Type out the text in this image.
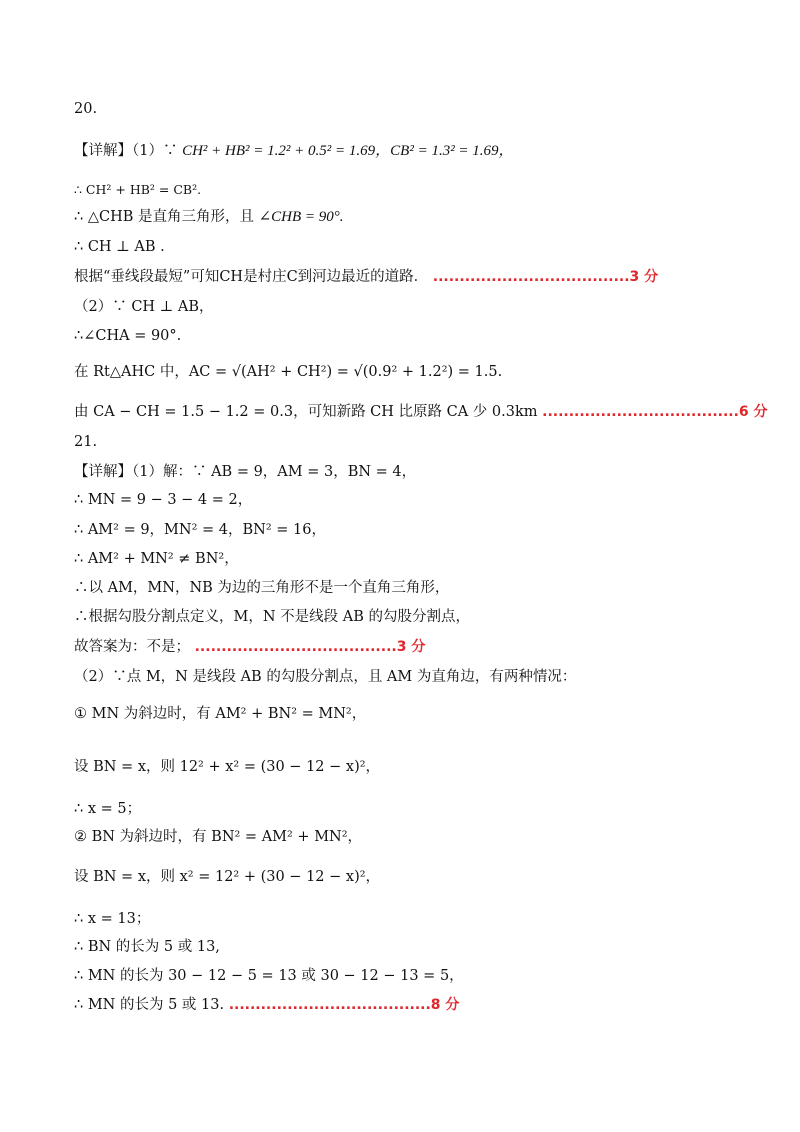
20.
【详解】（1）∵ CH² + HB² = 1.2² + 0.5² = 1.69，CB² = 1.3² = 1.69，
∴ CH² + HB² = CB².
∴ △CHB 是直角三角形，且 ∠CHB = 90°.
∴ CH ⊥ AB .
根据“垂线段最短”可知CH是村庄C到河边最近的道路． .....................................3 分
（2）∵ CH ⊥ AB，
∴∠CHA = 90°.
在 Rt△AHC 中，AC = √(AH² + CH²) = √(0.9² + 1.2²) = 1.5.
由 CA − CH = 1.5 − 1.2 = 0.3，可知新路 CH 比原路 CA 少 0.3km .....................................6 分
21.
【详解】（1）解：∵ AB = 9，AM = 3，BN = 4，
∴ MN = 9 − 3 − 4 = 2，
∴ AM² = 9，MN² = 4，BN² = 16，
∴ AM² + MN² ≠ BN²，
∴以 AM，MN，NB 为边的三角形不是一个直角三角形，
∴根据勾股分割点定义，M，N 不是线段 AB 的勾股分割点，
故答案为：不是； ......................................3 分
（2）∵点 M，N 是线段 AB 的勾股分割点，且 AM 为直角边，有两种情况：
① MN 为斜边时，有 AM² + BN² = MN²，
设 BN = x，则 12² + x² = (30 − 12 − x)²，
∴ x = 5；
② BN 为斜边时，有 BN² = AM² + MN²，
设 BN = x，则 x² = 12² + (30 − 12 − x)²，
∴ x = 13；
∴ BN 的长为 5 或 13,
∴ MN 的长为 30 − 12 − 5 = 13 或 30 − 12 − 13 = 5，
∴ MN 的长为 5 或 13. ......................................8 分
